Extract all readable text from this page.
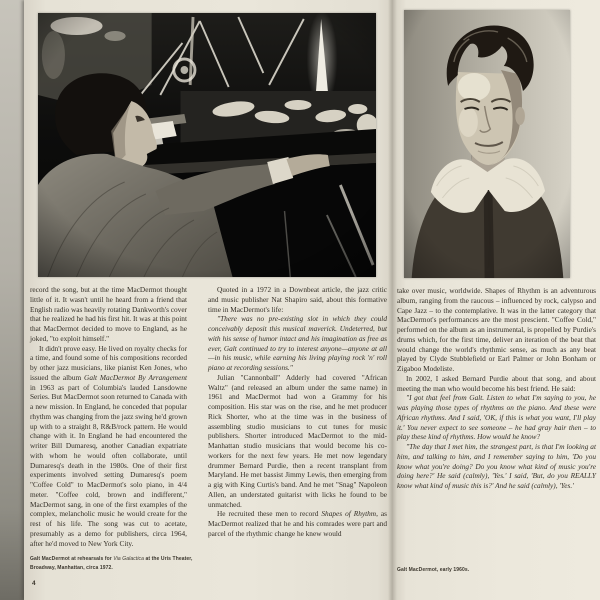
record the song, but at the time MacDermot thought little of it. It wasn't until he heard from a friend that English radio was heavily rotating Dankworth's cover that he realized he had his first hit. It was at this point that MacDermot decided to move to England, as he joked, "to exploit himself."

It didn't prove easy. He lived on royalty checks for a time, and found some of his compositions recorded by other jazz musicians, like pianist Ken Jones, who issued the album Galt MacDermot By Arrangement in 1963 as part of Columbia's lauded Lansdowne Series. But MacDermot soon returned to Canada with a new mission. In England, he conceded that popular rhythm was changing from the jazz swing he'd grown up with to a straight 8, R&B/rock pattern. He would change with it. In England he had encountered the writer Bill Dumaresq, another Canadian expatriate with whom he would often collaborate, until Dumaresq's death in the 1980s. One of their first experiments involved setting Dumaresq's poem "Coffee Cold" to MacDermot's solo piano, in 4/4 meter. "Coffee cold, brown and indifferent," MacDermot sang, in one of the first examples of the complex, melancholic music he would create for the rest of his life. The song was cut to acetate, presumably as a demo for publishers, circa 1964, after he'd moved to New York City.

Quoted in a 1972 in a Downbeat article, the jazz critic and music publisher Nat Shapiro said, about this formative time in MacDermot's life:

"There was no pre-existing slot in which they could conceivably deposit this musical maverick. Undeterred, but with his sense of humor intact and his imagination as free as ever, Galt continued to try to interest anyone—anyone at all—in his music, while earning his living playing rock 'n' roll piano at recording sessions."

Julian "Cannonball" Adderly had covered "African Waltz" (and released an album under the same name) in 1961 and MacDermot had won a Grammy for his composition. His star was on the rise, and he met producer Rick Shorter, who at the time was in the business of assembling studio musicians to cut tunes for music publishers. Shorter introduced MacDermot to the mid-Manhattan studio musicians that would become his co-workers for the next few years. He met now legendary drummer Bernard Purdie, then a recent transplant from Maryland. He met bassist Jimmy Lewis, then emerging from a gig with King Curtis's band. And he met "Snag" Napoleon Allen, an understated guitarist with licks he found to be unmatched.

He recruited these men to record Shapes of Rhythm, as MacDermot realized that he and his comrades were part and parcel of the rhythmic change he knew would

Galt MacDermot at rehearsals for Via Galactica at the Uris Theater, Broadway, Manhattan, circa 1972.

4

take over music, worldwide. Shapes of Rhythm is an adventurous album, ranging from the raucous – influenced by rock, calypso and Cape Jazz – to the contemplative. It was in the latter category that MacDermot's performances are the most prescient. "Coffee Cold," performed on the album as an instrumental, is propelled by Purdie's drums which, for the first time, deliver an iteration of the beat that would change the world's rhythmic sense, as much as any beat played by Clyde Stubblefield or Earl Palmer or John Bonham or Zigaboo Modeliste.

In 2002, I asked Bernard Purdie about that song, and about meeting the man who would become his best friend. He said:

"I got that feel from Galt. Listen to what I'm saying to you, he was playing those types of rhythms on the piano. And these were African rhythms. And I said, 'OK, if this is what you want, I'll play it.' You never expect to see someone – he had gray hair then – to play these kind of rhythms. How would he know?

"The day that I met him, the strangest part, is that I'm looking at him, and talking to him, and I remember saying to him, 'Do you know what you're doing? Do you know what kind of music you're doing here?' He said (calmly), 'Yes.' I said, 'But, do you REALLY know what kind of music this is?' And he said (calmly), 'Yes.'

Galt MacDermot, early 1960s.
